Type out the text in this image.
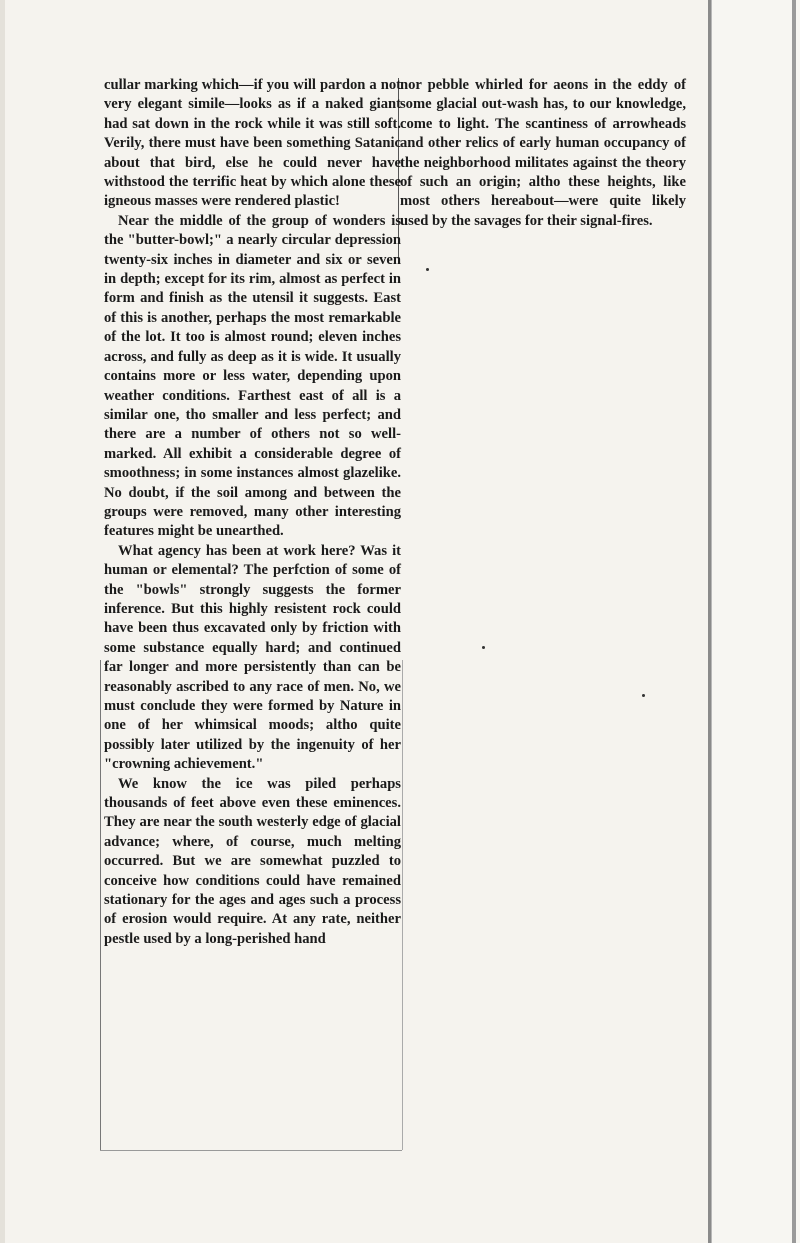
cullar marking which—if you will pardon a not very elegant simile—looks as if a naked giant had sat down in the rock while it was still soft. Verily, there must have been something Satanic about that bird, else he could never have withstood the terrific heat by which alone these igneous masses were rendered plastic!

Near the middle of the group of wonders is the "butter-bowl;" a nearly circular depression twenty-six inches in diameter and six or seven in depth; except for its rim, almost as perfect in form and finish as the utensil it suggests. East of this is another, perhaps the most remarkable of the lot. It too is almost round; eleven inches across, and fully as deep as it is wide. It usually contains more or less water, depending upon weather conditions. Farthest east of all is a similar one, tho smaller and less perfect; and there are a number of others not so well-marked. All exhibit a considerable degree of smoothness; in some instances almost glazelike. No doubt, if the soil among and between the groups were removed, many other interesting features might be unearthed.

What agency has been at work here? Was it human or elemental? The perfction of some of the "bowls" strongly suggests the former inference. But this highly resistent rock could have been thus excavated only by friction with some substance equally hard; and continued far longer and more persistently than can be reasonably ascribed to any race of men. No, we must conclude they were formed by Nature in one of her whimsical moods; altho quite possibly later utilized by the ingenuity of her "crowning achievement."

We know the ice was piled perhaps thousands of feet above even these eminences. They are near the south westerly edge of glacial advance; where, of course, much melting occurred. But we are somewhat puzzled to conceive how conditions could have remained stationary for the ages and ages such a process of erosion would require. At any rate, neither pestle used by a long-perished hand

nor pebble whirled for aeons in the eddy of some glacial out-wash has, to our knowledge, come to light. The scantiness of arrowheads and other relics of early human occupancy of the neighborhood militates against the theory of such an origin; altho these heights, like most others hereabout—were quite likely used by the savages for their signal-fires.
